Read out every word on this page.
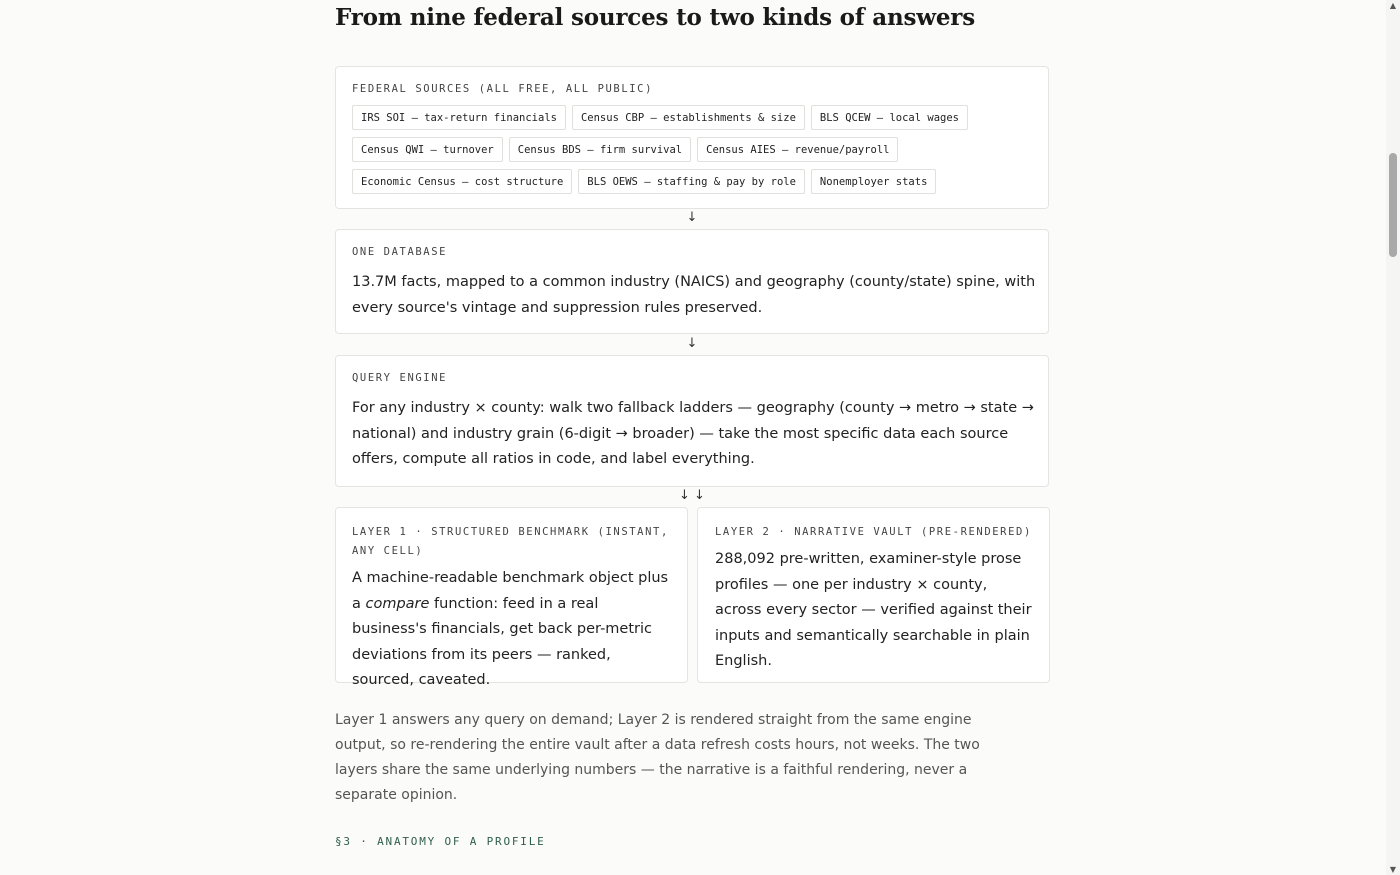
From nine federal sources to two kinds of answers
FEDERAL SOURCES (ALL FREE, ALL PUBLIC)
IRS SOI – tax-return financials	Census CBP – establishments & size	BLS QCEW – local wages
Census QWI – turnover	Census BDS – firm survival	Census AIES – revenue/payroll
Economic Census – cost structure	BLS OEWS – staffing & pay by role	Nonemployer stats
↓
ONE DATABASE
13.7M facts, mapped to a common industry (NAICS) and geography (county/state) spine, with every source's vintage and suppression rules preserved.
↓
QUERY ENGINE
For any industry × county: walk two fallback ladders — geography (county → metro → state → national) and industry grain (6-digit → broader) — take the most specific data each source offers, compute all ratios in code, and label everything.
↓ ↓
LAYER 1 · STRUCTURED BENCHMARK (INSTANT, ANY CELL)
A machine-readable benchmark object plus a compare function: feed in a real business's financials, get back per-metric deviations from its peers — ranked, sourced, caveated.
LAYER 2 · NARRATIVE VAULT (PRE-RENDERED)
288,092 pre-written, examiner-style prose profiles — one per industry × county, across every sector — verified against their inputs and semantically searchable in plain English.

Layer 1 answers any query on demand; Layer 2 is rendered straight from the same engine output, so re-rendering the entire vault after a data refresh costs hours, not weeks. The two layers share the same underlying numbers — the narrative is a faithful rendering, never a separate opinion.

§3 · ANATOMY OF A PROFILE
▲
▼
